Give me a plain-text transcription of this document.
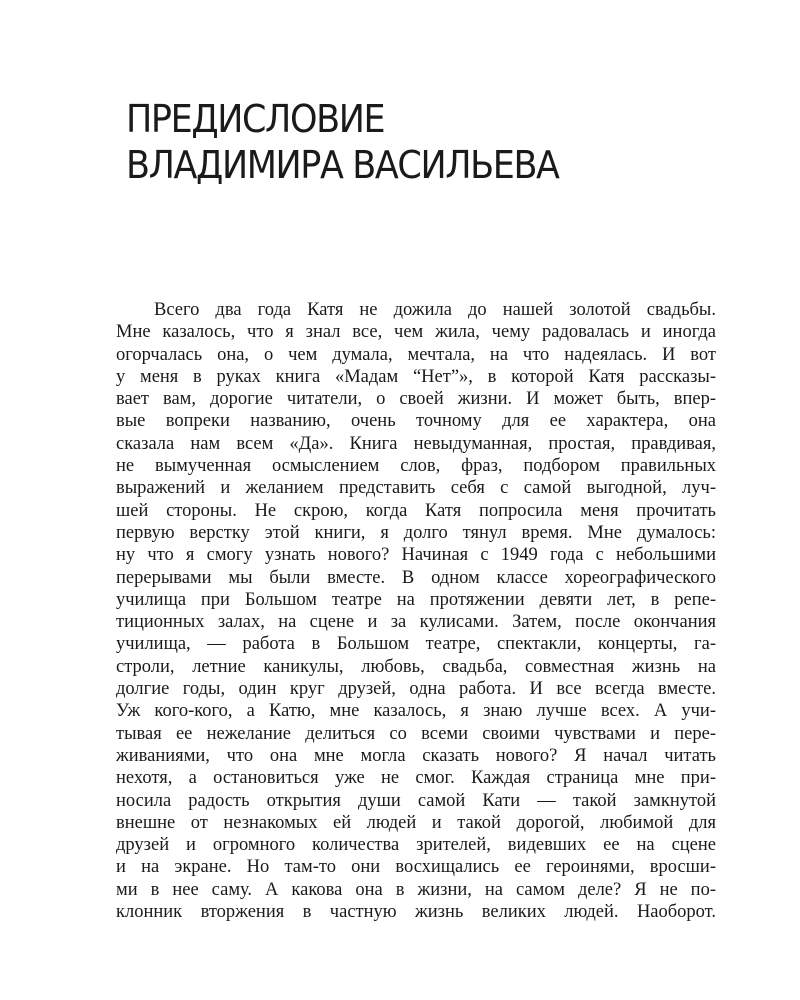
ПРЕДИСЛОВИЕ
ВЛАДИМИРА ВАСИЛЬЕВА
Всего два года Катя не дожила до нашей золотой свадьбы.
Мне казалось, что я знал все, чем жила, чему радовалась и иногда
огорчалась она, о чем думала, мечтала, на что надеялась. И вот
у меня в руках книга «Мадам “Нет”», в которой Катя рассказы-
вает вам, дорогие читатели, о своей жизни. И может быть, впер-
вые вопреки названию, очень точному для ее характера, она
сказала нам всем «Да». Книга невыдуманная, простая, правдивая,
не вымученная осмыслением слов, фраз, подбором правильных
выражений и желанием представить себя с самой выгодной, луч-
шей стороны. Не скрою, когда Катя попросила меня прочитать
первую верстку этой книги, я долго тянул время. Мне думалось:
ну что я смогу узнать нового? Начиная с 1949 года с небольшими
перерывами мы были вместе. В одном классе хореографического
училища при Большом театре на протяжении девяти лет, в репе-
тиционных залах, на сцене и за кулисами. Затем, после окончания
училища, — работа в Большом театре, спектакли, концерты, га-
строли, летние каникулы, любовь, свадьба, совместная жизнь на
долгие годы, один круг друзей, одна работа. И все всегда вместе.
Уж кого-кого, а Катю, мне казалось, я знаю лучше всех. А учи-
тывая ее нежелание делиться со всеми своими чувствами и пере-
живаниями, что она мне могла сказать нового? Я начал читать
нехотя, а остановиться уже не смог. Каждая страница мне при-
носила радость открытия души самой Кати — такой замкнутой
внешне от незнакомых ей людей и такой дорогой, любимой для
друзей и огромного количества зрителей, видевших ее на сцене
и на экране. Но там-то они восхищались ее героинями, вросши-
ми в нее саму. А какова она в жизни, на самом деле? Я не по-
клонник вторжения в частную жизнь великих людей. Наоборот.
